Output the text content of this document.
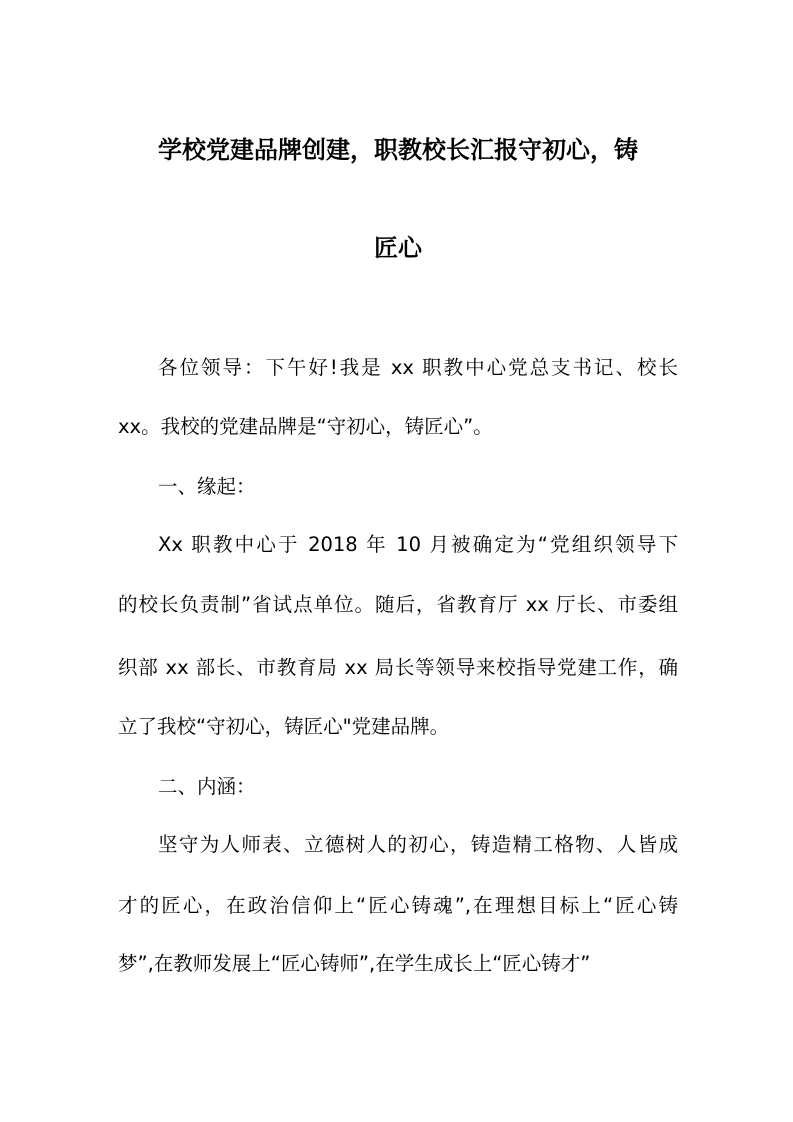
学校党建品牌创建，职教校长汇报守初心，铸
匠心
各位领导：下午好!我是 xx 职教中心党总支书记、校长
xx。我校的党建品牌是“守初心，铸匠心”。
一、缘起：
Xx 职教中心于 2018 年 10 月被确定为“党组织领导下
的校长负责制”省试点单位。随后，省教育厅 xx 厅长、市委组
织部 xx 部长、市教育局 xx 局长等领导来校指导党建工作，确
立了我校“守初心，铸匠心"党建品牌。
二、内涵：
坚守为人师表、立德树人的初心，铸造精工格物、人皆成
才的匠心，在政治信仰上“匠心铸魂”,在理想目标上“匠心铸
梦”,在教师发展上“匠心铸师”,在学生成长上“匠心铸才”
